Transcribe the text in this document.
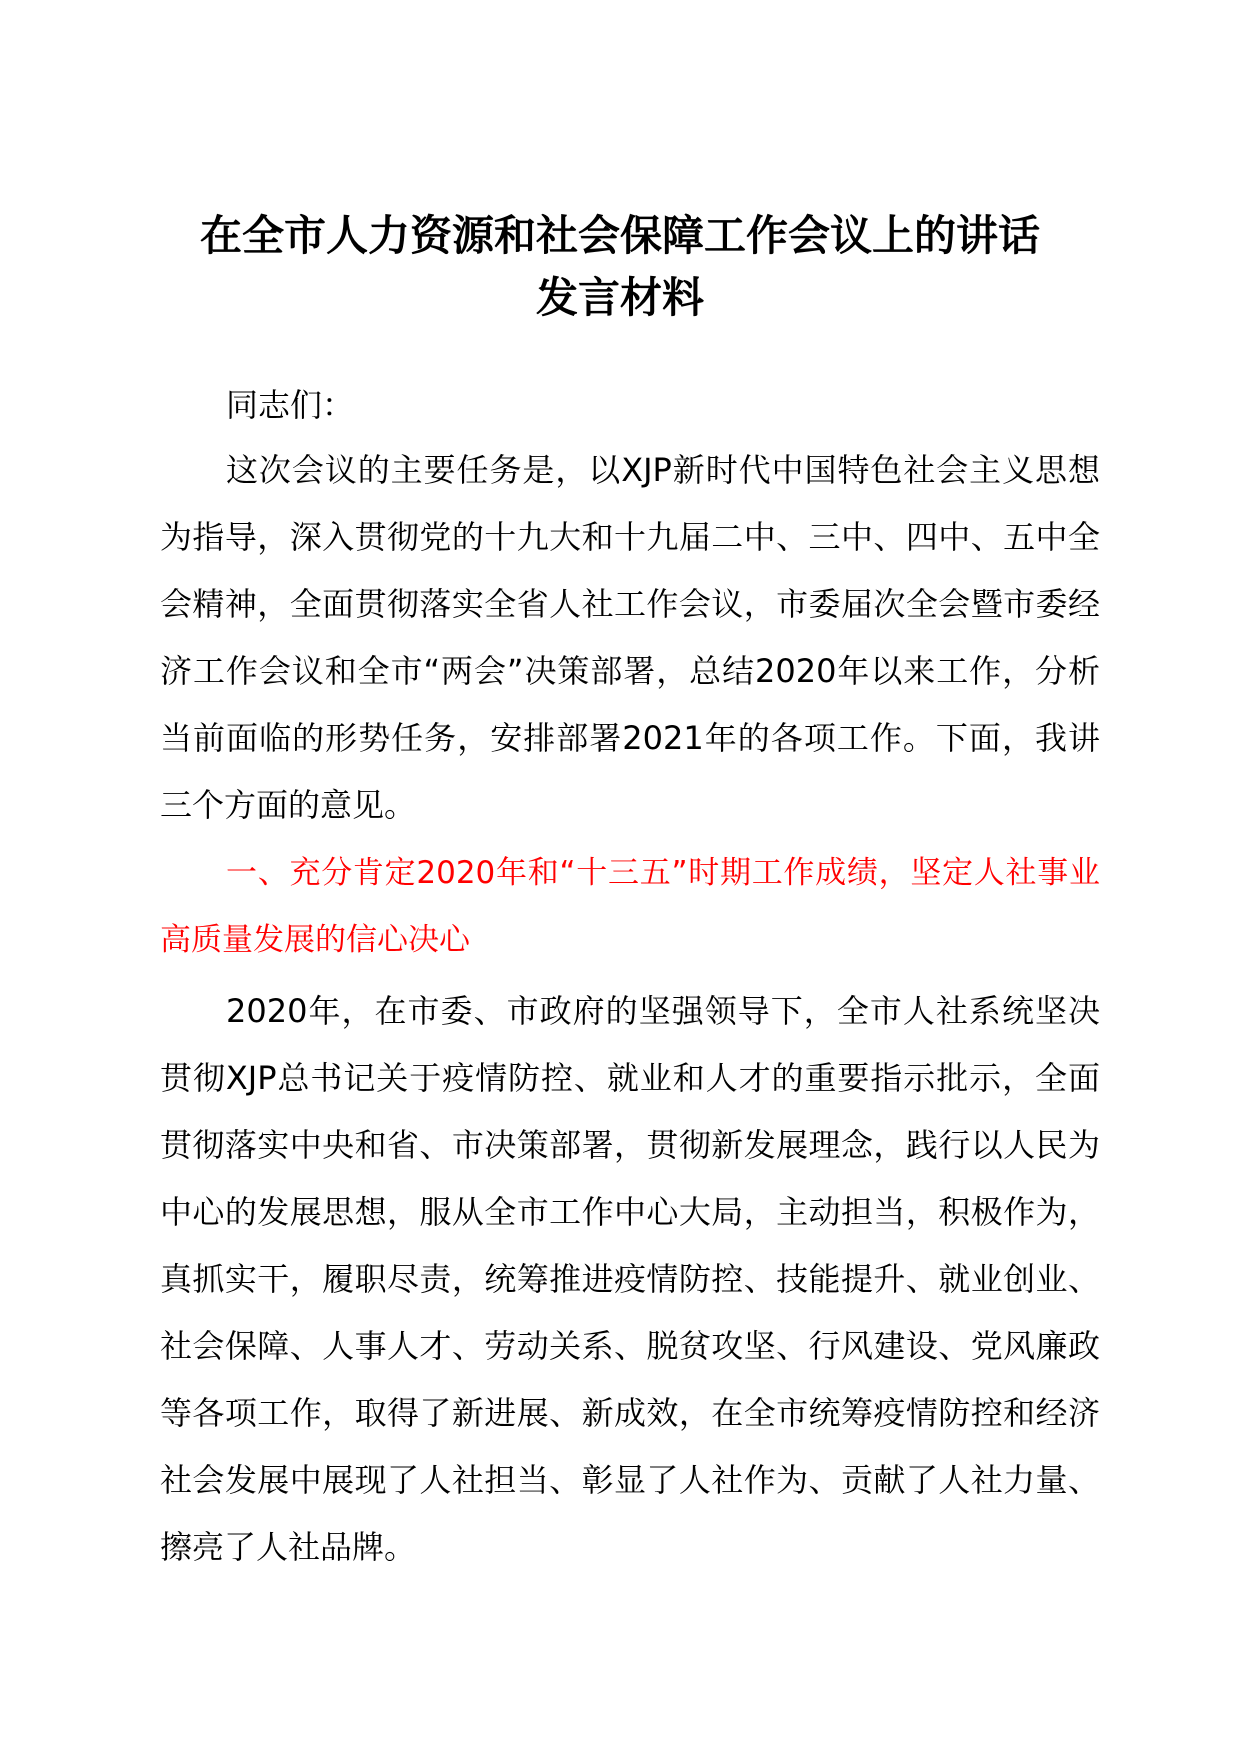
在全市人力资源和社会保障工作会议上的讲话
发言材料

同志们：

这次会议的主要任务是，以XJP新时代中国特色社会主义思想为指导，深入贯彻党的十九大和十九届二中、三中、四中、五中全会精神，全面贯彻落实全省人社工作会议，市委届次全会暨市委经济工作会议和全市“两会”决策部署，总结2020年以来工作，分析当前面临的形势任务，安排部署2021年的各项工作。下面，我讲三个方面的意见。

一、充分肯定2020年和“十三五”时期工作成绩，坚定人社事业高质量发展的信心决心

2020年，在市委、市政府的坚强领导下，全市人社系统坚决贯彻XJP总书记关于疫情防控、就业和人才的重要指示批示，全面贯彻落实中央和省、市决策部署，贯彻新发展理念，践行以人民为中心的发展思想，服从全市工作中心大局，主动担当，积极作为，真抓实干，履职尽责，统筹推进疫情防控、技能提升、就业创业、社会保障、人事人才、劳动关系、脱贫攻坚、行风建设、党风廉政等各项工作，取得了新进展、新成效，在全市统筹疫情防控和经济社会发展中展现了人社担当、彰显了人社作为、贡献了人社力量、擦亮了人社品牌。
